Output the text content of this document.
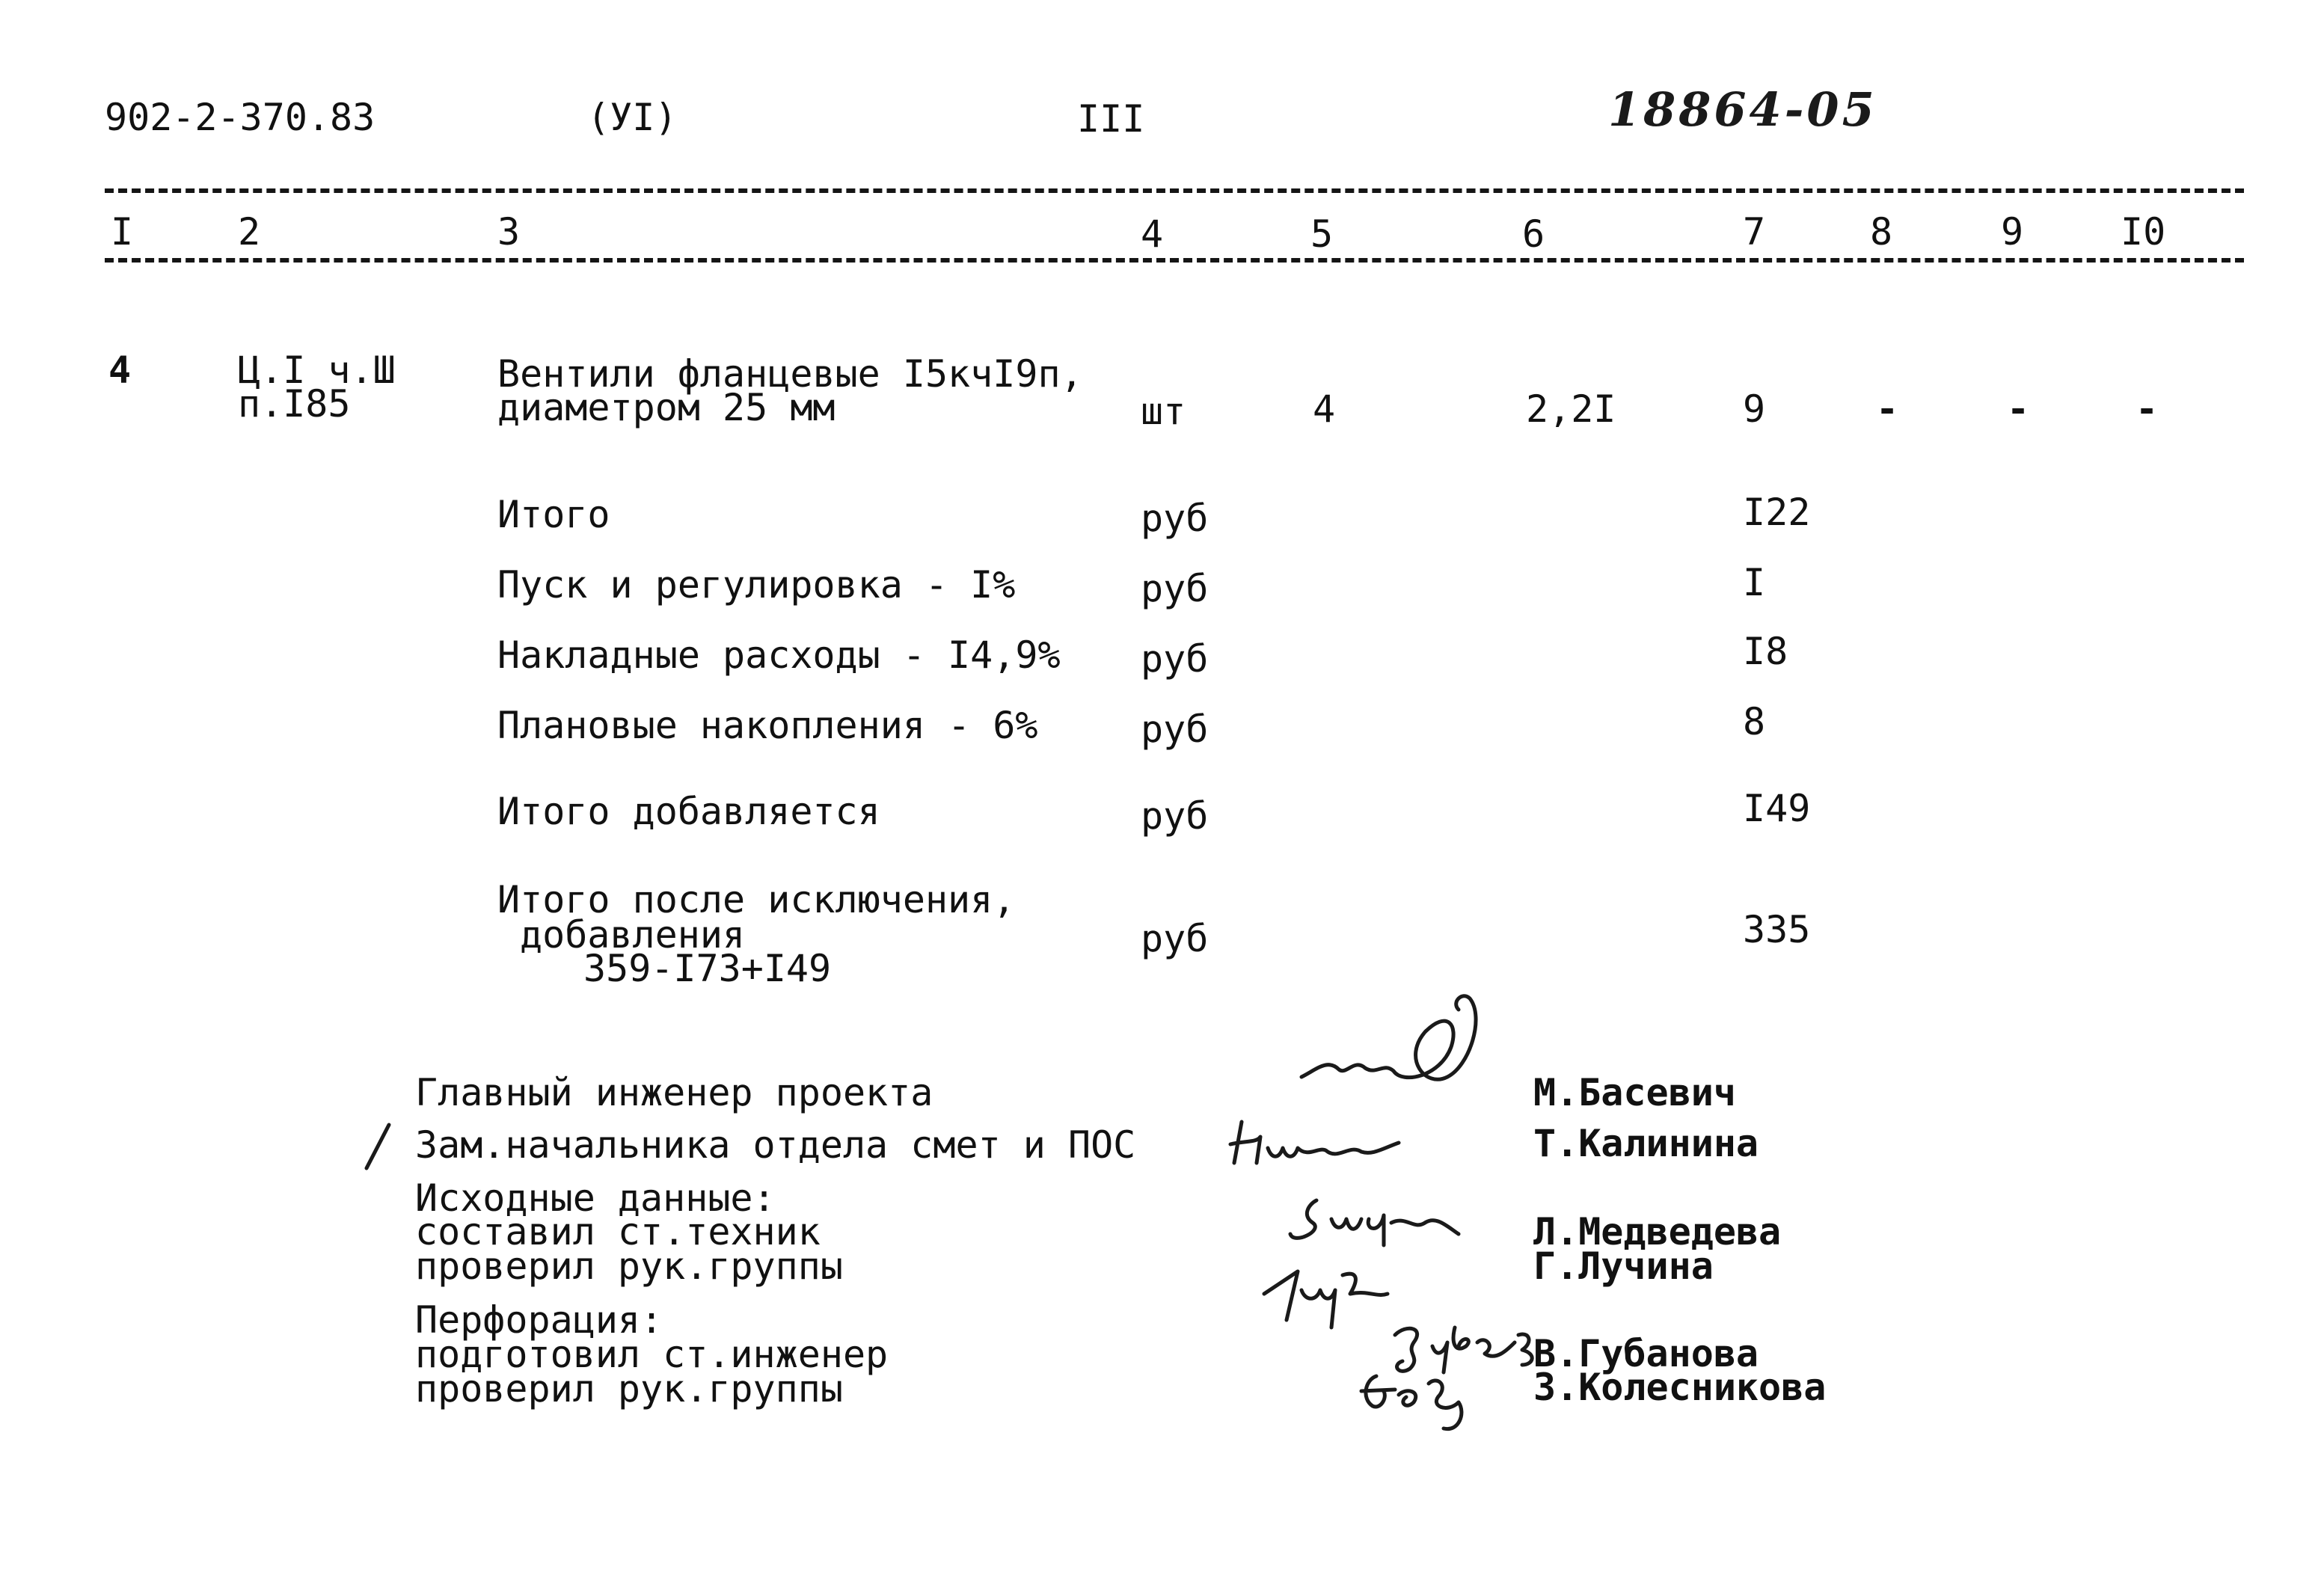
902-2-370.83	(УI)	III	18864-05
I	2	3	4	5	6	7	8	9	I0
4	Ц.I ч.Ш
п.I85
Вентили фланцевые I5кчI9п,
диаметром 25 мм	шт	4	2,2I	9	-	-	-
Итого	руб	I22
Пуск и регулировка - I%	руб	I
Накладные расходы - I4,9% руб	I8
Плановые накопления - 6%	руб	8
Итого добавляется	руб	I49
Итого после исключения,
добавления
359-I73+I49
руб	335
Главный инженер проекта
Зам.начальника отдела смет и ПОС
Исходные данные:
составил ст.техник
проверил рук.группы
Перфорация:
подготовил ст.инженер
проверил рук.группы
М.Басевич
Т.Калинина
Л.Медведева
Г.Лучина
В.Губанова
З.Колесникова
